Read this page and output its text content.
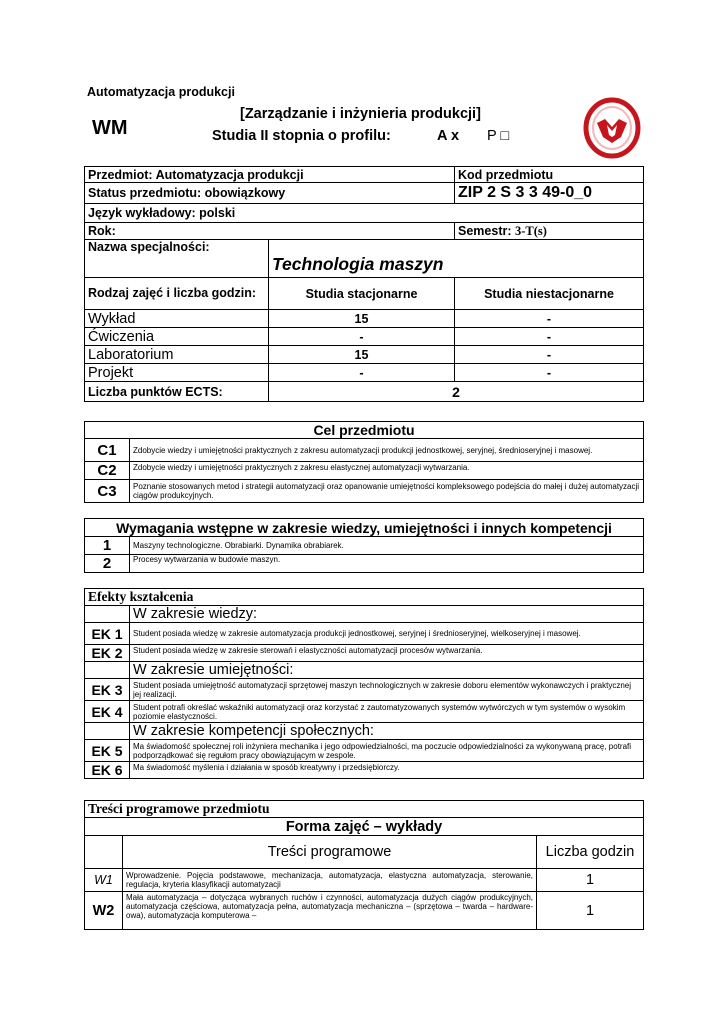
Automatyzacja produkcji
WM
[Zarządzanie i inżynieria produkcji]
Studia II stopnia o profilu:	A x P □
Przedmiot: Automatyzacja produkcji		Kod przedmiotu
Status przedmiotu: obowiązkowy		ZIP 2 S 3 3 49-0_0
Język wykładowy: polski		
Rok:		Semestr: 3-T(s)
Nazwa specjalności:	Technologia maszyn	
Rodzaj zajęć i liczba godzin:	Studia stacjonarne	Studia niestacjonarne
Wykład	15	-
Ćwiczenia	-	-
Laboratorium	15	-
Projekt	-	-
Liczba punktów ECTS:	2	
Cel przedmiotu	
C1	Zdobycie wiedzy i umiejętności praktycznych z zakresu automatyzacji produkcji jednostkowej, seryjnej, średnioseryjnej i masowej.
C2	Zdobycie wiedzy i umiejętności praktycznych z zakresu elastycznej automatyzacji wytwarzania.
C3	Poznanie stosowanych metod i strategii automatyzacji oraz opanowanie umiejętności kompleksowego podejścia do małej i dużej automatyzacji ciągów produkcyjnych.
Wymagania wstępne w zakresie wiedzy, umiejętności i innych kompetencji	
1	Maszyny technologiczne. Obrabiarki. Dynamika obrabiarek.
2	Procesy wytwarzania w budowie maszyn.
Efekty kształcenia	
	W zakresie wiedzy:
EK 1	Student posiada wiedzę w zakresie automatyzacja produkcji jednostkowej, seryjnej i średnioseryjnej, wielkoseryjnej i masowej.
EK 2	Student posiada wiedzę w zakresie sterowań i elastyczności automatyzacji procesów wytwarzania.
	W zakresie umiejętności:
EK 3	Student posiada umiejętność automatyzacji sprzętowej maszyn technologicznych w zakresie doboru elementów wykonawczych i praktycznej jej realizacji.
EK 4	Student potrafi określać wskaźniki automatyzacji oraz korzystać z zautomatyzowanych systemów wytwórczych w tym systemów o wysokim poziomie elastyczności.
	W zakresie kompetencji społecznych:
EK 5	Ma świadomość społecznej roli inżyniera mechanika i jego odpowiedzialności, ma poczucie odpowiedzialności za wykonywaną pracę, potrafi podporządkować się regułom pracy obowiązującym w zespole.
EK 6	Ma świadomość myślenia i działania w sposób kreatywny i przedsiębiorczy.
Treści programowe przedmiotu		
Forma zajęć – wykłady		
	Treści programowe	Liczba godzin
W1	Wprowadzenie. Pojęcia podstawowe, mechanizacja, automatyzacja, elastyczna automatyzacja, sterowanie, regulacja, kryteria klasyfikacji automatyzacji	1
W2	Mała automatyzacja – dotycząca wybranych ruchów i czynności, automatyzacja dużych ciągów produkcyjnych, automatyzacja częściowa, automatyzacja pełna, automatyzacja mechaniczna – (sprzętowa – twarda – hardware-owa), automatyzacja komputerowa –	1
